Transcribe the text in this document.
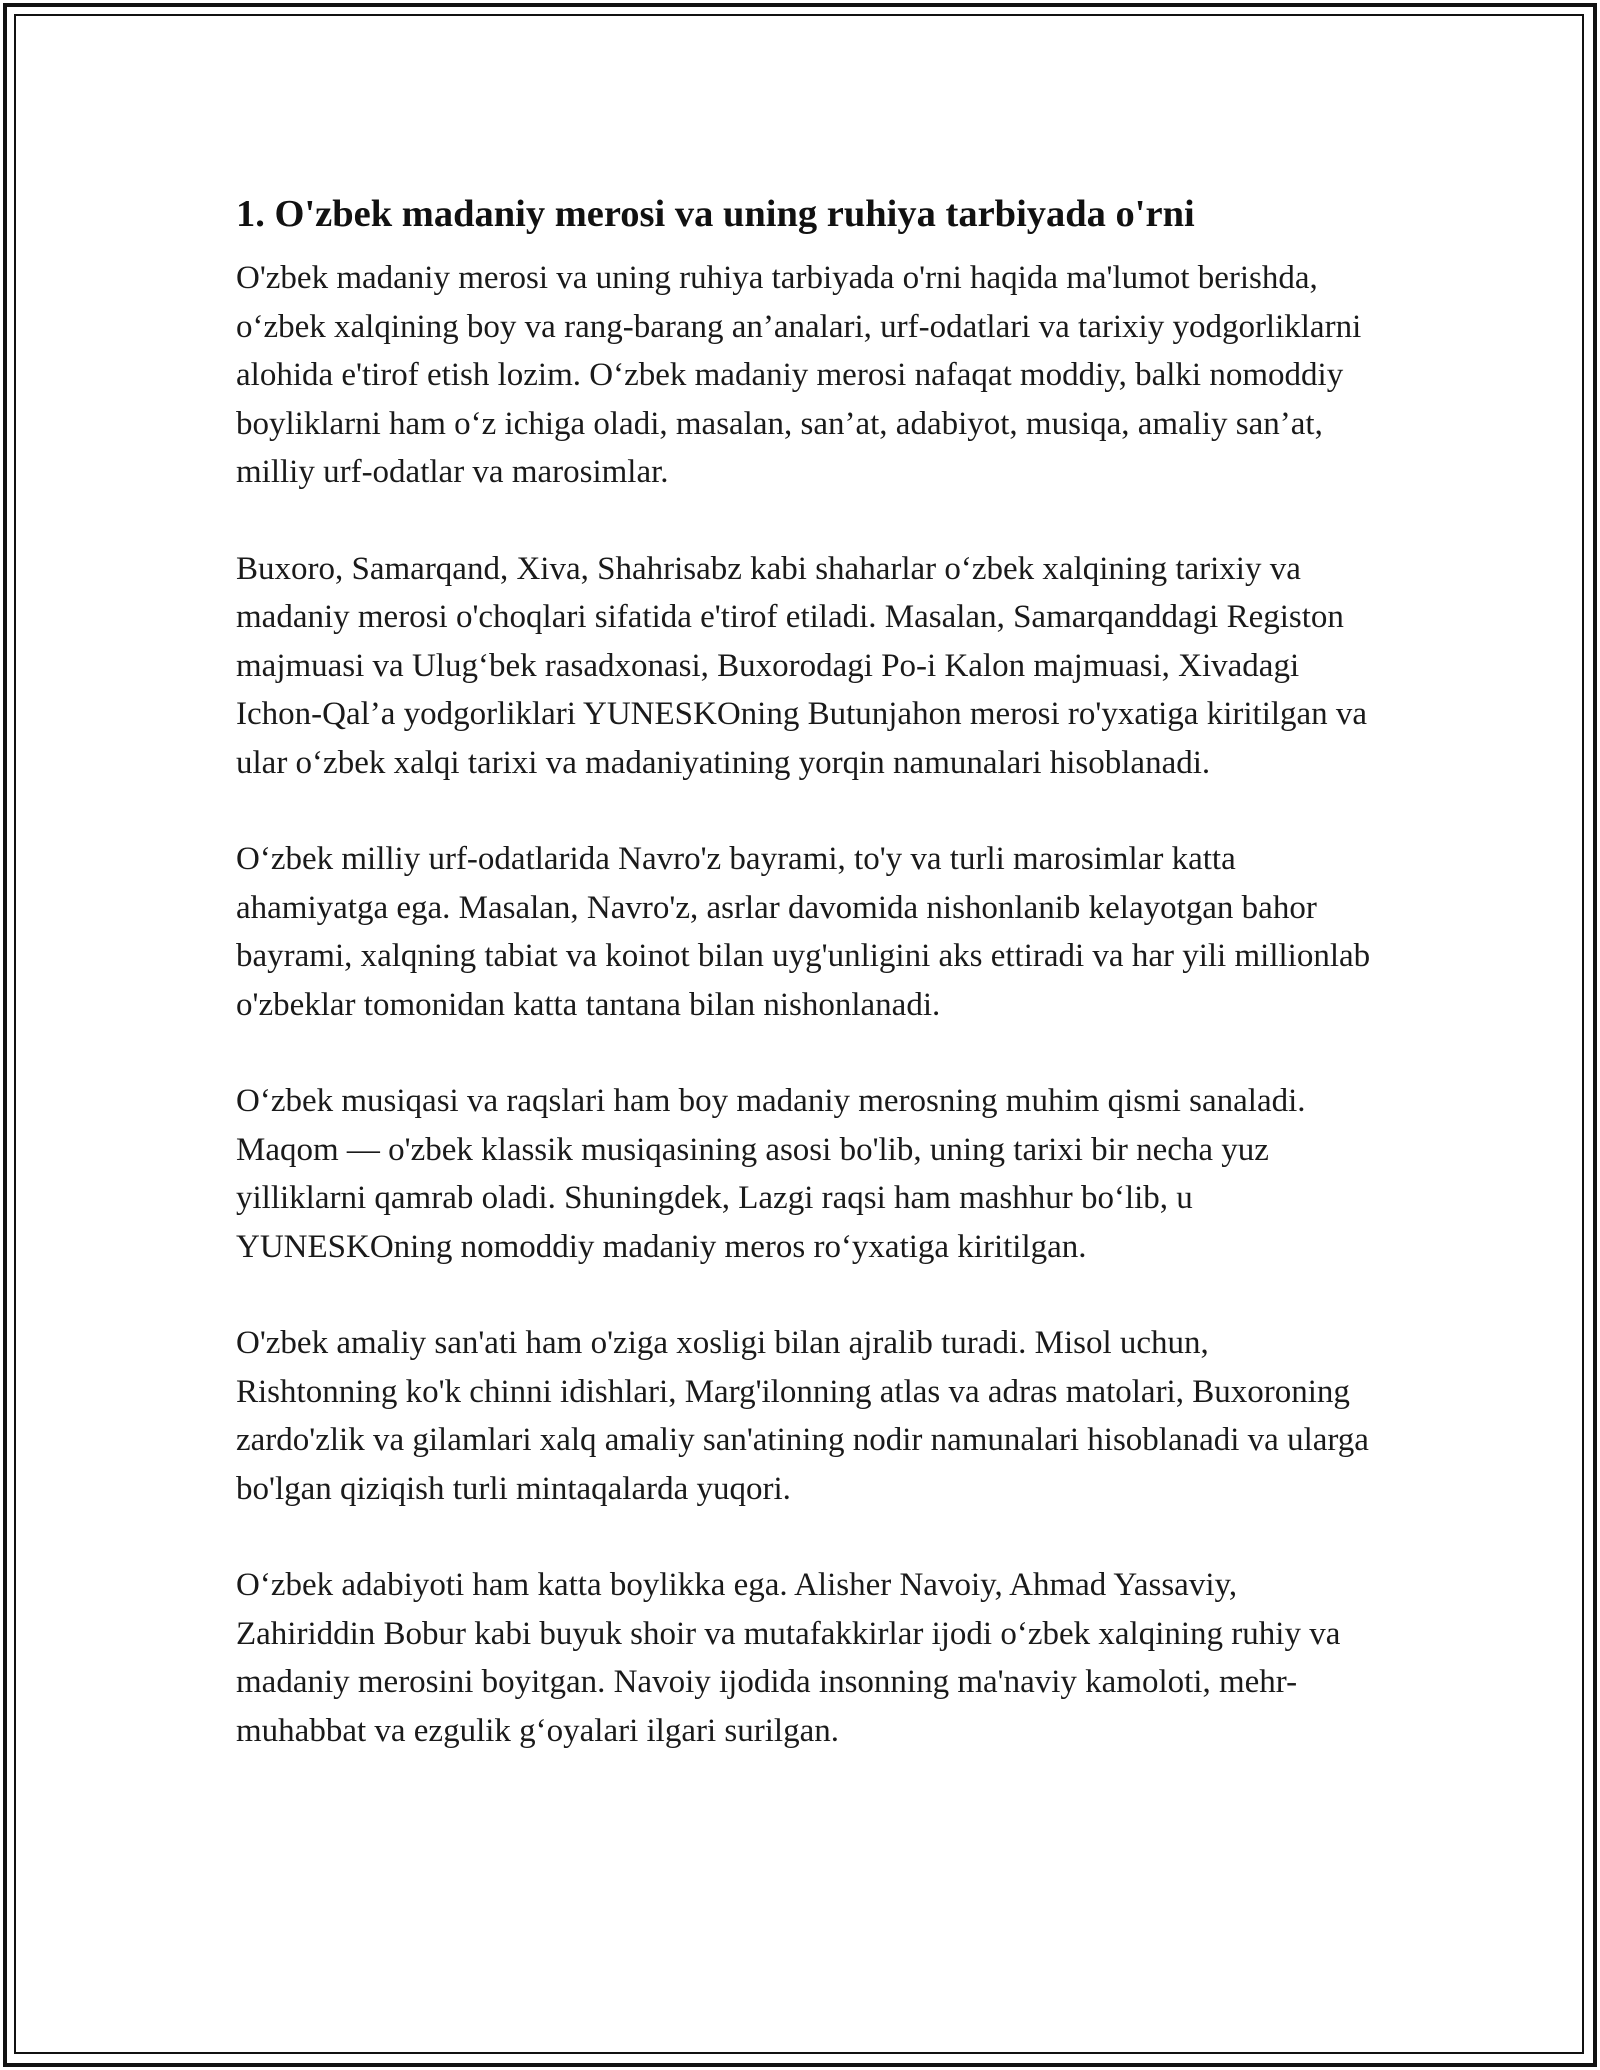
1. O'zbek madaniy merosi va uning ruhiya tarbiyada o'rni

O'zbek madaniy merosi va uning ruhiya tarbiyada o'rni haqida ma'lumot berishda, o‘zbek xalqining boy va rang-barang an’analari, urf-odatlari va tarixiy yodgorliklarni alohida e'tirof etish lozim. O‘zbek madaniy merosi nafaqat moddiy, balki nomoddiy boyliklarni ham o‘z ichiga oladi, masalan, san’at, adabiyot, musiqa, amaliy san’at, milliy urf-odatlar va marosimlar.

Buxoro, Samarqand, Xiva, Shahrisabz kabi shaharlar o‘zbek xalqining tarixiy va madaniy merosi o'choqlari sifatida e'tirof etiladi. Masalan, Samarqanddagi Registon majmuasi va Ulug‘bek rasadxonasi, Buxorodagi Po-i Kalon majmuasi, Xivadagi Ichon-Qal’a yodgorliklari YUNESKOning Butunjahon merosi ro'yxatiga kiritilgan va ular o‘zbek xalqi tarixi va madaniyatining yorqin namunalari hisoblanadi.

O‘zbek milliy urf-odatlarida Navro'z bayrami, to'y va turli marosimlar katta ahamiyatga ega. Masalan, Navro'z, asrlar davomida nishonlanib kelayotgan bahor bayrami, xalqning tabiat va koinot bilan uyg'unligini aks ettiradi va har yili millionlab o'zbeklar tomonidan katta tantana bilan nishonlanadi.

O‘zbek musiqasi va raqslari ham boy madaniy merosning muhim qismi sanaladi. Maqom — o'zbek klassik musiqasining asosi bo'lib, uning tarixi bir necha yuz yilliklarni qamrab oladi. Shuningdek, Lazgi raqsi ham mashhur bo‘lib, u YUNESKOning nomoddiy madaniy meros ro‘yxatiga kiritilgan.

O'zbek amaliy san'ati ham o'ziga xosligi bilan ajralib turadi. Misol uchun, Rishtonning ko'k chinni idishlari, Marg'ilonning atlas va adras matolari, Buxoroning zardo'zlik va gilamlari xalq amaliy san'atining nodir namunalari hisoblanadi va ularga bo'lgan qiziqish turli mintaqalarda yuqori.

O‘zbek adabiyoti ham katta boylikka ega. Alisher Navoiy, Ahmad Yassaviy, Zahiriddin Bobur kabi buyuk shoir va mutafakkirlar ijodi o‘zbek xalqining ruhiy va madaniy merosini boyitgan. Navoiy ijodida insonning ma'naviy kamoloti, mehr-muhabbat va ezgulik g‘oyalari ilgari surilgan.
